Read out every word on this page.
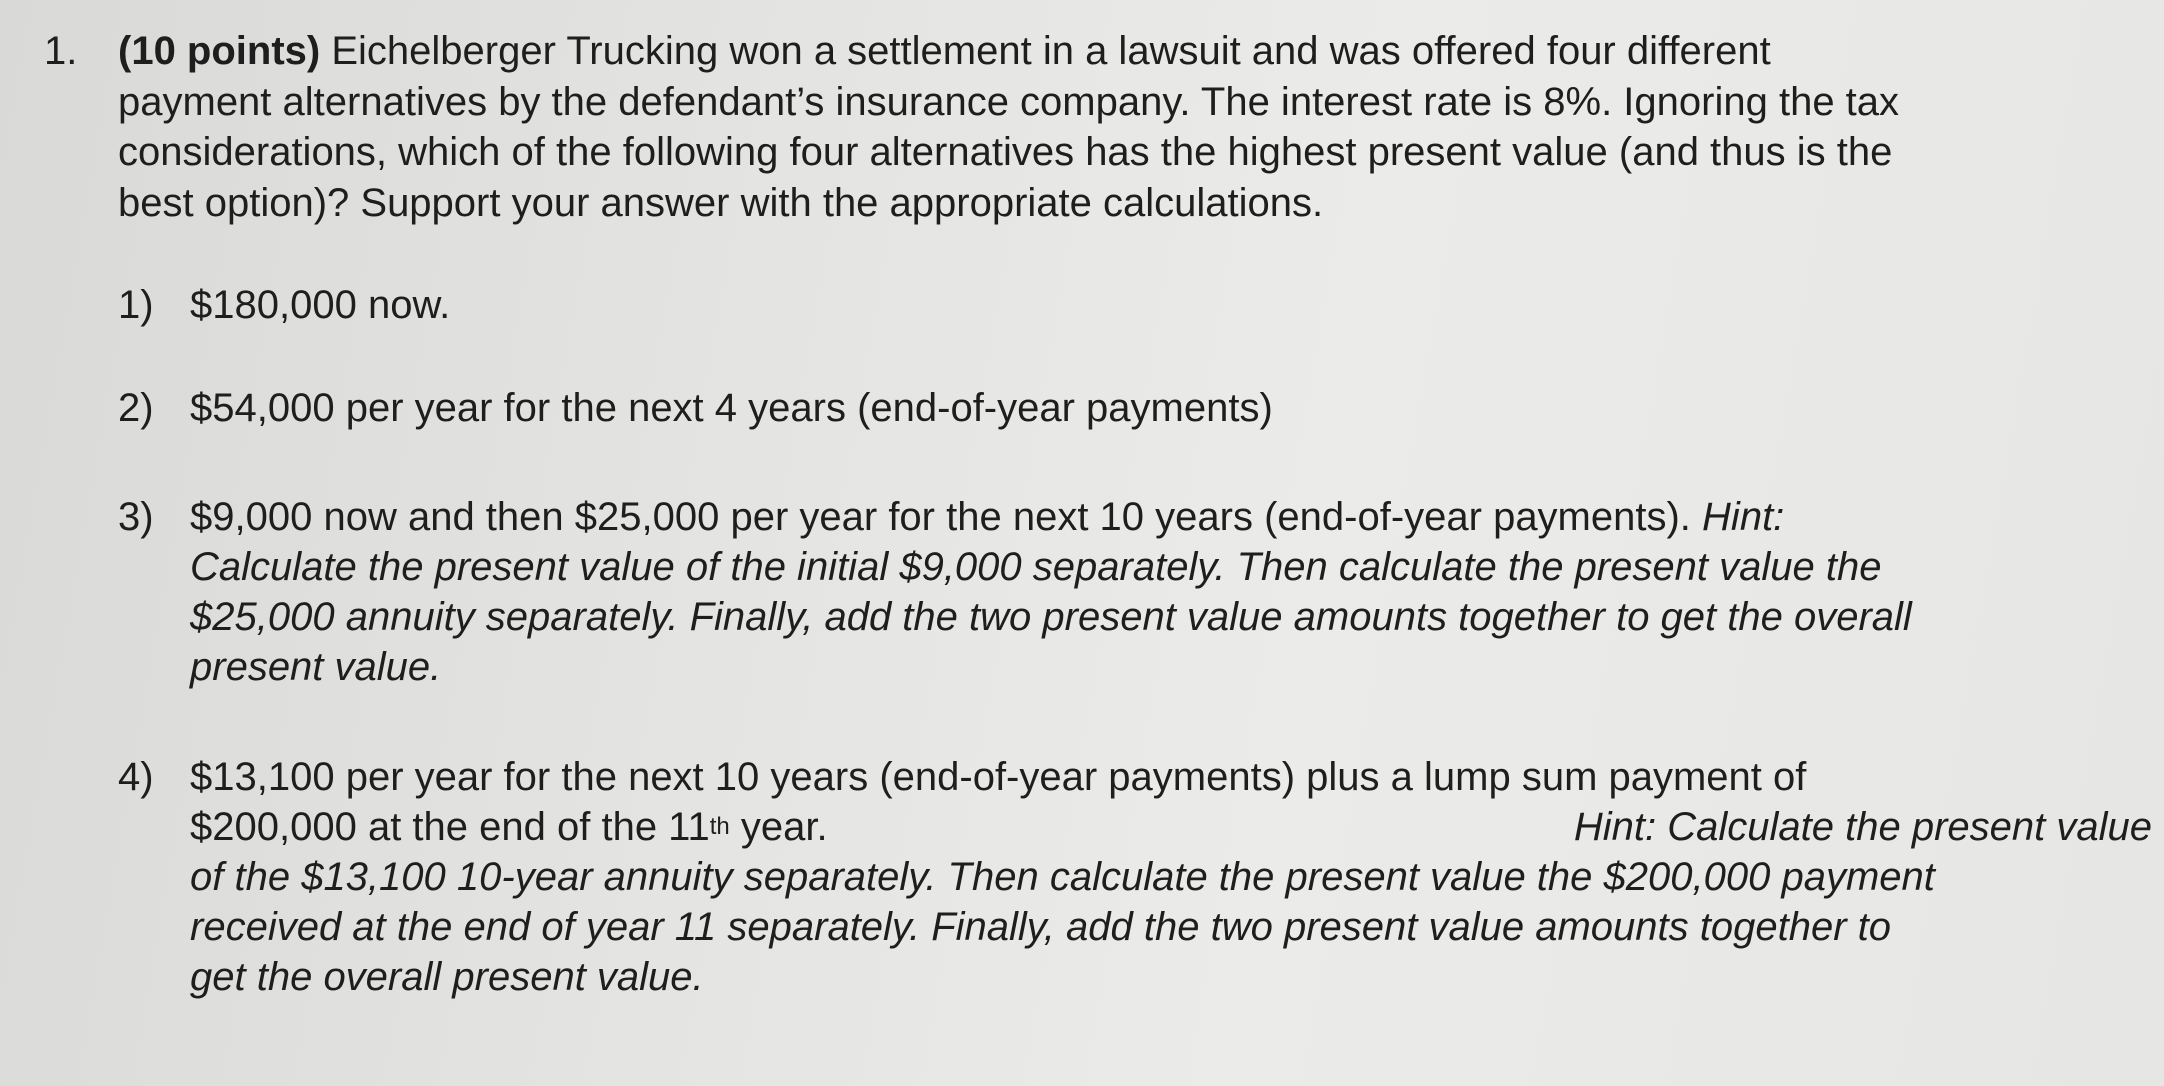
1. (10 points) Eichelberger Trucking won a settlement in a lawsuit and was offered four different
payment alternatives by the defendant’s insurance company. The interest rate is 8%. Ignoring the tax
considerations, which of the following four alternatives has the highest present value (and thus is the
best option)? Support your answer with the appropriate calculations.
1) $180,000 now.
2) $54,000 per year for the next 4 years (end-of-year payments)
3) $9,000 now and then $25,000 per year for the next 10 years (end-of-year payments). Hint:
Calculate the present value of the initial $9,000 separately. Then calculate the present value the
$25,000 annuity separately. Finally, add the two present value amounts together to get the overall
present value.
4) $13,100 per year for the next 10 years (end-of-year payments) plus a lump sum payment of
$200,000 at the end of the 11th year.	Hint: Calculate the present value
of the $13,100 10-year annuity separately. Then calculate the present value the $200,000 payment
received at the end of year 11 separately. Finally, add the two present value amounts together to
get the overall present value.
